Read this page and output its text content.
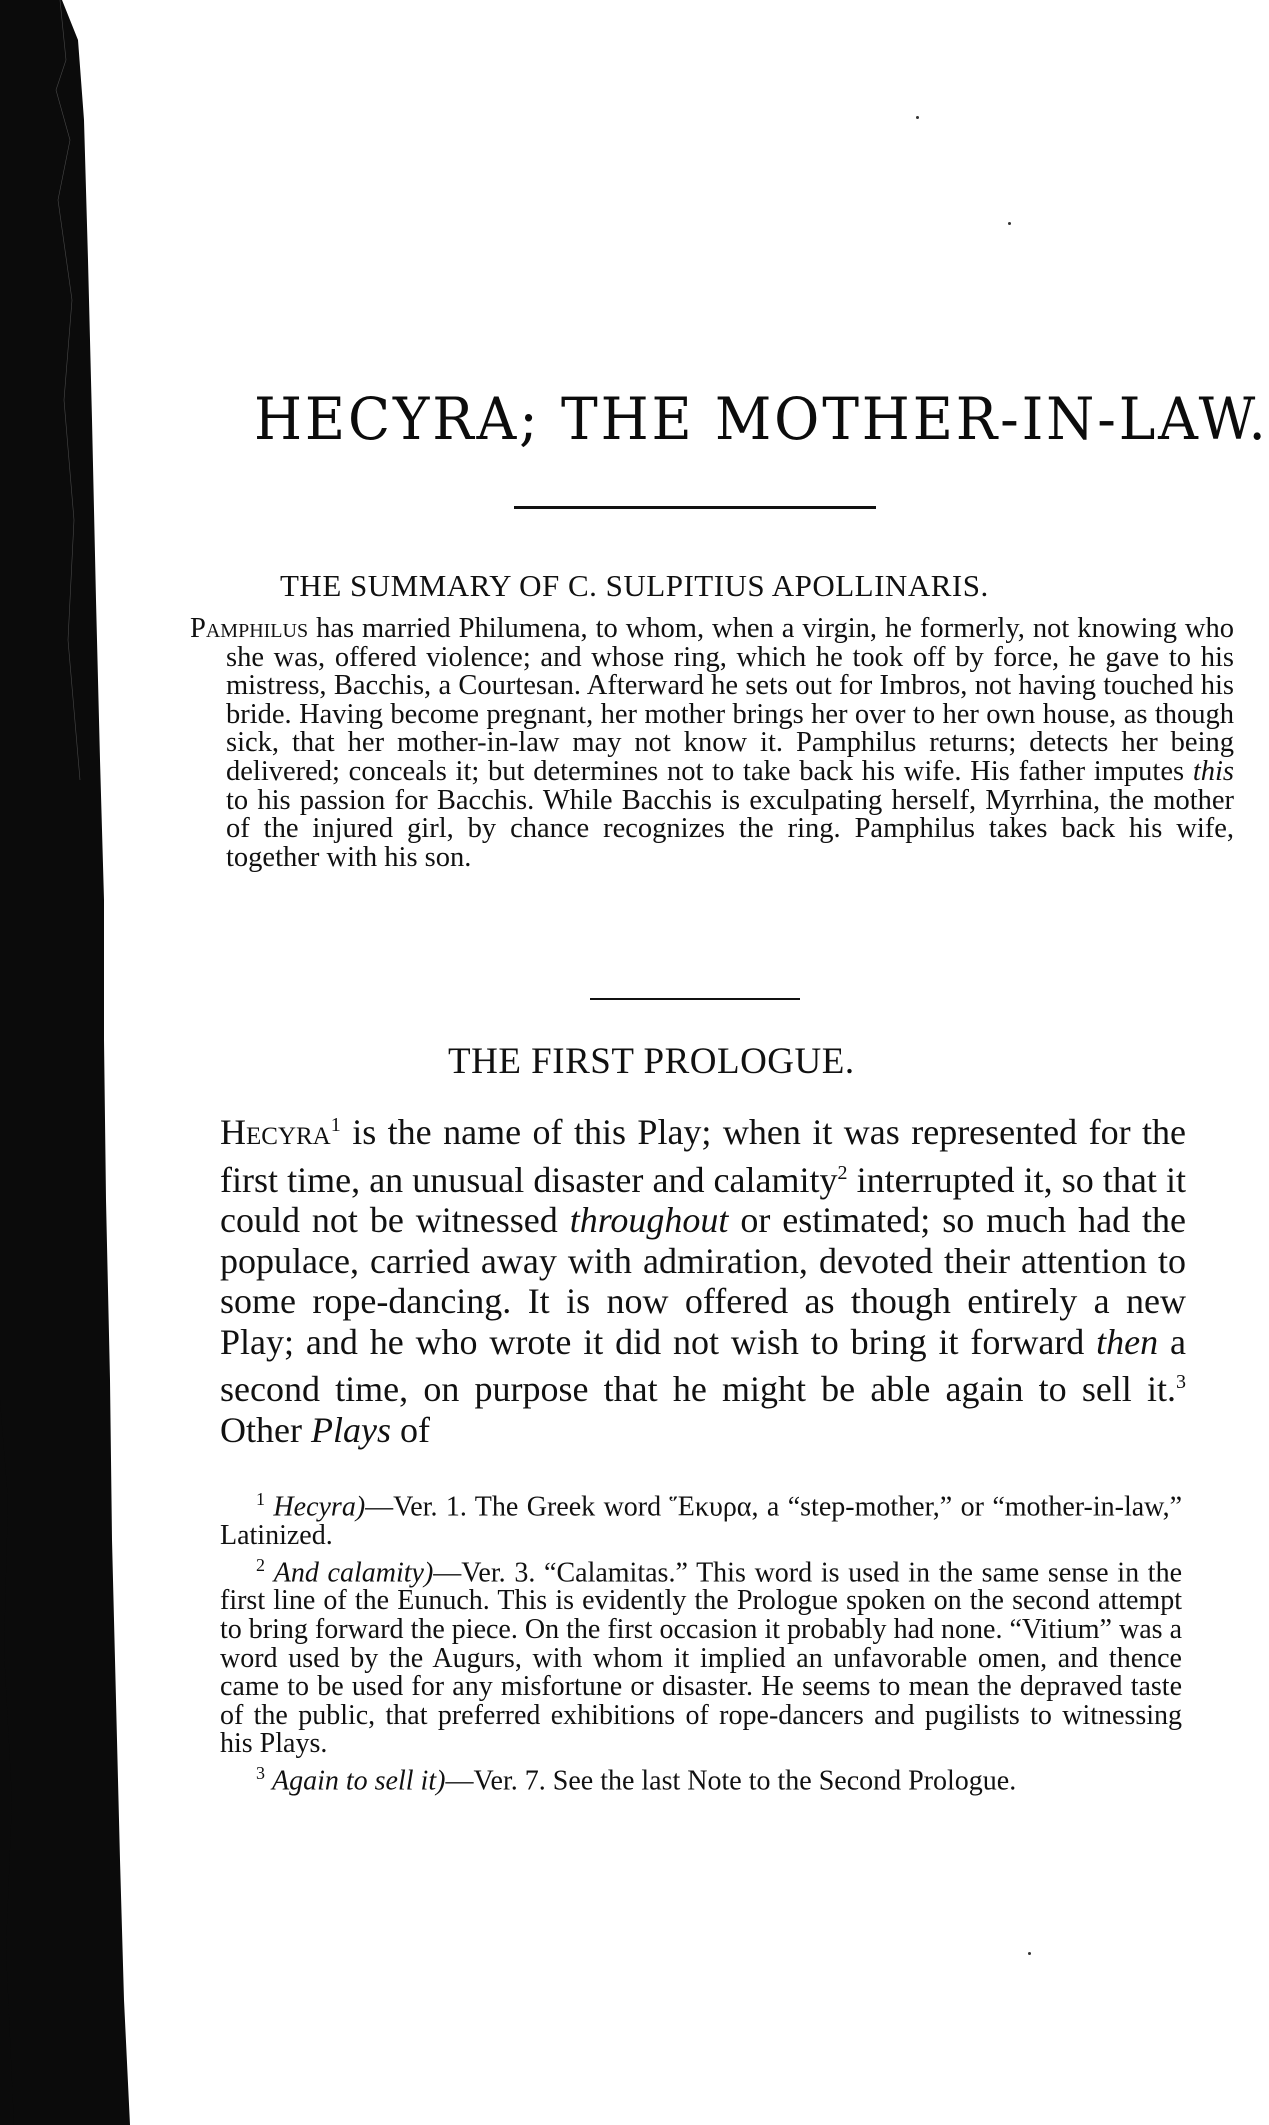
HECYRA; THE MOTHER-IN-LAW.
THE SUMMARY OF C. SULPITIUS APOLLINARIS.

Pamphilus has married Philumena, to whom, when a virgin, he formerly, not knowing who she was, offered violence; and whose ring, which he took off by force, he gave to his mistress, Bacchis, a Courtesan. Afterward he sets out for Imbros, not having touched his bride. Having become pregnant, her mother brings her over to her own house, as though sick, that her mother-in-law may not know it. Pamphilus returns; detects her being delivered; conceals it; but determines not to take back his wife. His father imputes this to his passion for Bacchis. While Bacchis is exculpating herself, Myrrhina, the mother of the injured girl, by chance recognizes the ring. Pamphilus takes back his wife, together with his son.

THE FIRST PROLOGUE.

Hecyra$^1$ is the name of this Play; when it was represented for the first time, an unusual disaster and calamity$^2$ interrupted it, so that it could not be witnessed throughout or estimated; so much had the populace, carried away with admiration, devoted their attention to some rope-dancing. It is now offered as though entirely a new Play; and he who wrote it did not wish to bring it forward then a second time, on purpose that he might be able again to sell it.$^3$ Other Plays of

$^1$ Hecyra)—Ver. 1. The Greek word Ἕκυρα, a “step-mother,” or “mother-in-law,” Latinized.

$^2$ And calamity)—Ver. 3. “Calamitas.” This word is used in the same sense in the first line of the Eunuch. This is evidently the Prologue spoken on the second attempt to bring forward the piece. On the first occasion it probably had none. “Vitium” was a word used by the Augurs, with whom it implied an unfavorable omen, and thence came to be used for any misfortune or disaster. He seems to mean the depraved taste of the public, that preferred exhibitions of rope-dancers and pugilists to witnessing his Plays.

$^3$ Again to sell it)—Ver. 7. See the last Note to the Second Prologue.
